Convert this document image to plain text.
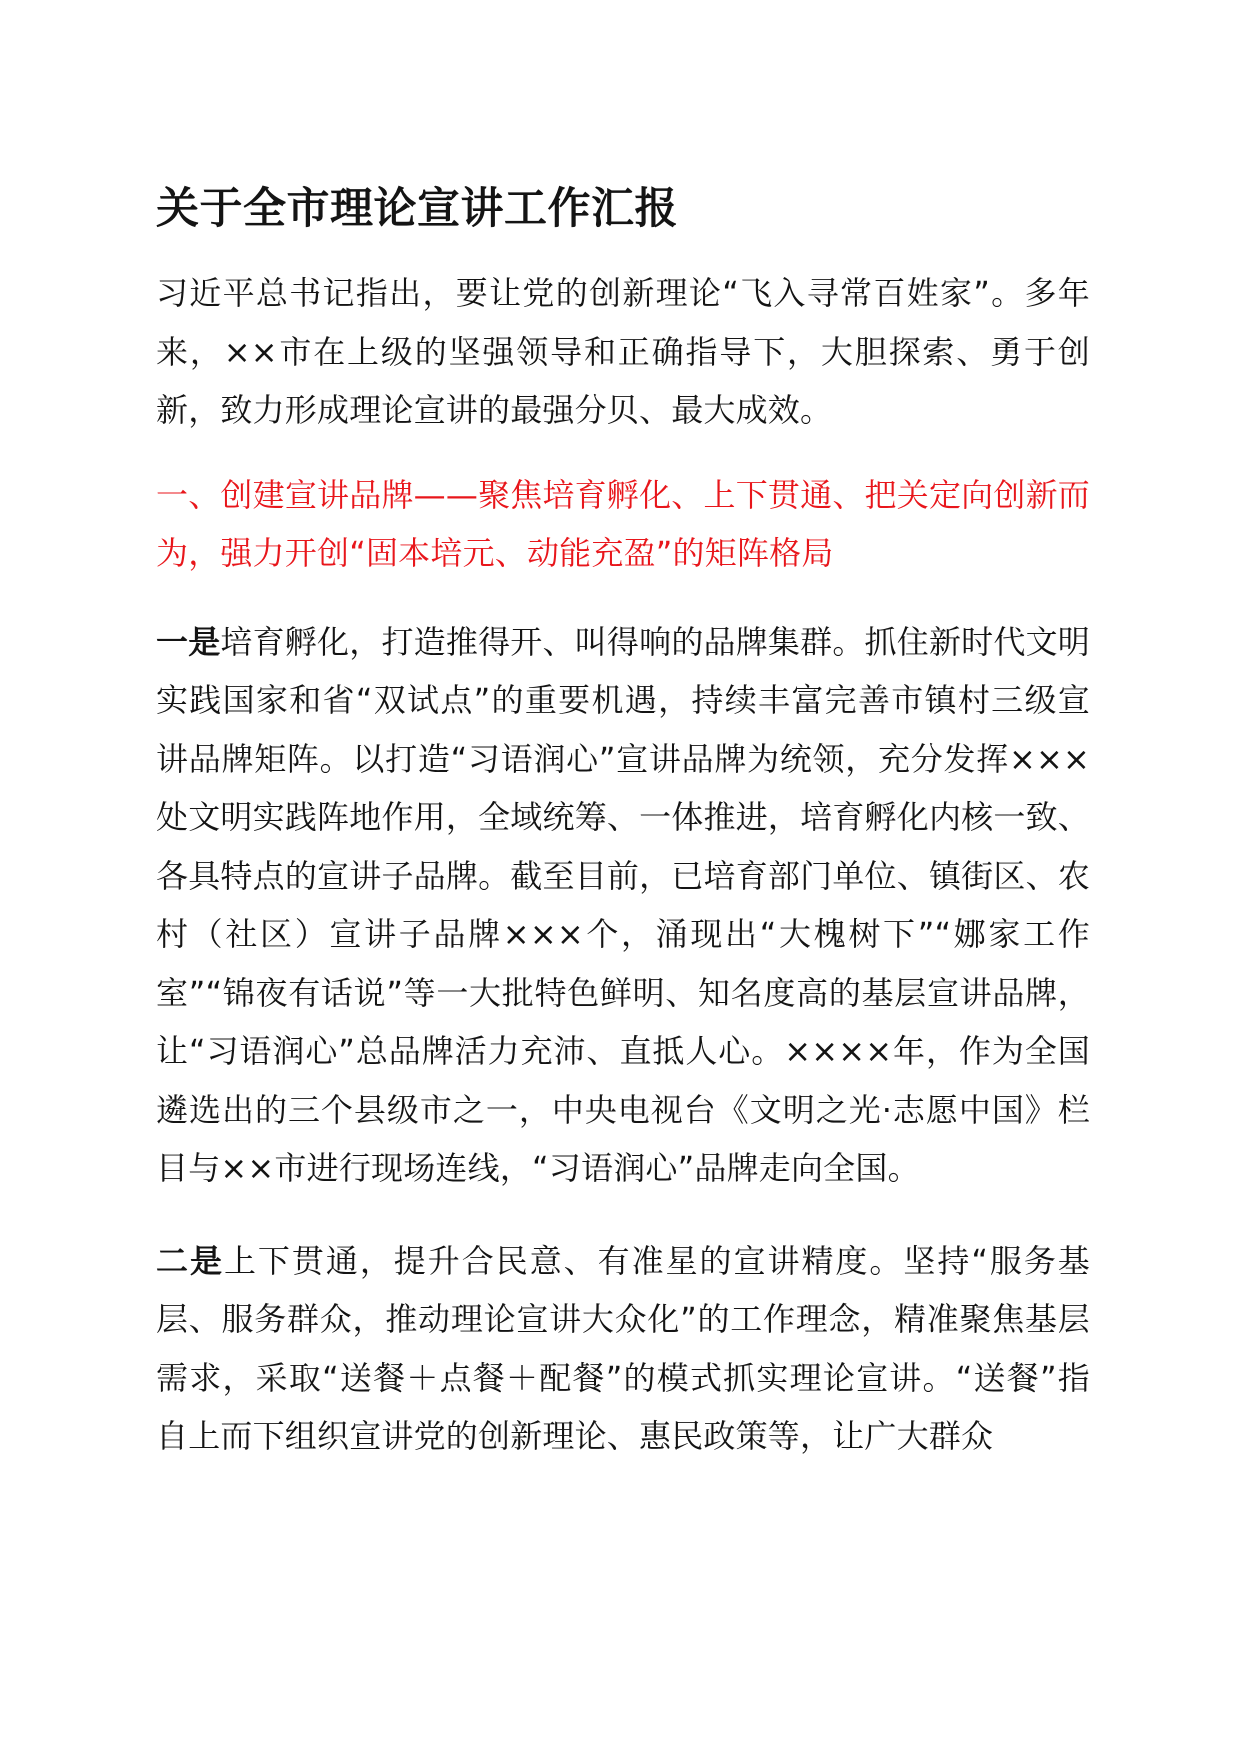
关于全市理论宣讲工作汇报

习近平总书记指出，要让党的创新理论“飞入寻常百姓家”。多年来，××市在上级的坚强领导和正确指导下，大胆探索、勇于创新，致力形成理论宣讲的最强分贝、最大成效。

一、创建宣讲品牌——聚焦培育孵化、上下贯通、把关定向创新而为，强力开创“固本培元、动能充盈”的矩阵格局

一是培育孵化，打造推得开、叫得响的品牌集群。抓住新时代文明实践国家和省“双试点”的重要机遇，持续丰富完善市镇村三级宣讲品牌矩阵。以打造“习语润心”宣讲品牌为统领，充分发挥×××处文明实践阵地作用，全域统筹、一体推进，培育孵化内核一致、各具特点的宣讲子品牌。截至目前，已培育部门单位、镇街区、农村（社区）宣讲子品牌×××个，涌现出“大槐树下”“娜家工作室”“锦夜有话说”等一大批特色鲜明、知名度高的基层宣讲品牌，让“习语润心”总品牌活力充沛、直抵人心。××××年，作为全国遴选出的三个县级市之一，中央电视台《文明之光·志愿中国》栏目与××市进行现场连线，“习语润心”品牌走向全国。

二是上下贯通，提升合民意、有准星的宣讲精度。坚持“服务基层、服务群众，推动理论宣讲大众化”的工作理念，精准聚焦基层需求，采取“送餐＋点餐＋配餐”的模式抓实理论宣讲。“送餐”指自上而下组织宣讲党的创新理论、惠民政策等，让广大群众
